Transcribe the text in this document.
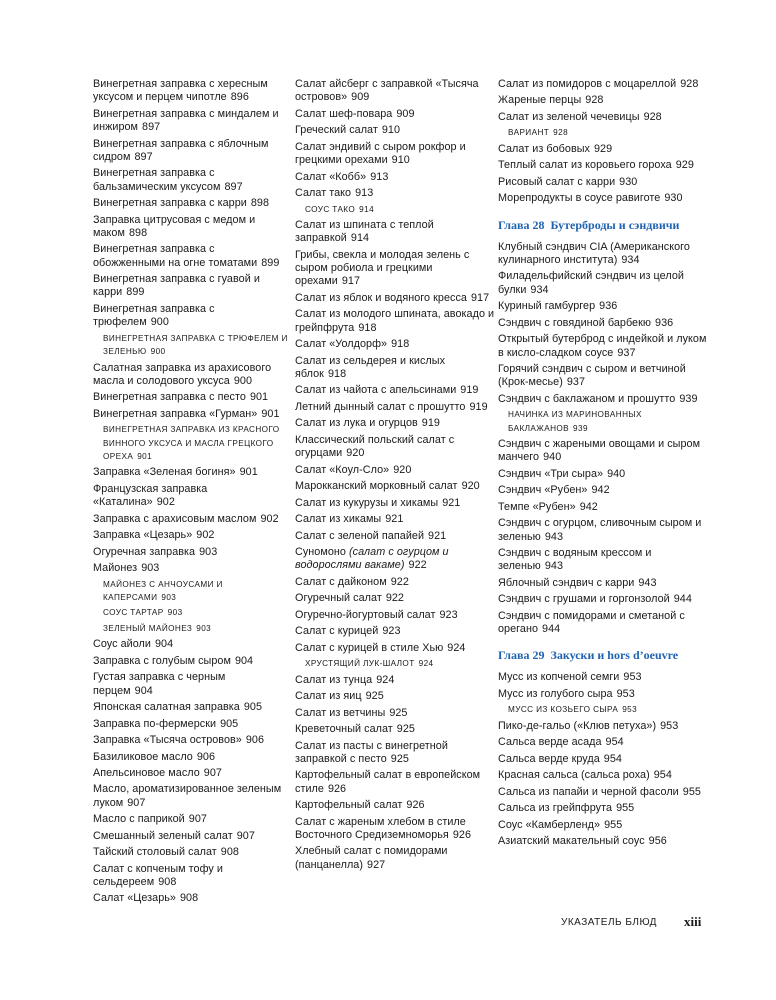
Винегретная заправка с хересным уксусом и перцем чипотле 896
Винегретная заправка с миндалем и инжиром 897
Винегретная заправка с яблочным сидром 897
Винегретная заправка с бальзамическим уксусом 897
Винегретная заправка с карри 898
Заправка цитрусовая с медом и маком 898
Винегретная заправка с обожженными на огне томатами 899
Винегретная заправка с гуавой и карри 899
Винегретная заправка с трюфелем 900
ВИНЕГРЕТНАЯ ЗАПРАВКА С ТРЮФЕЛЕМ И ЗЕЛЕНЬЮ 900
Салатная заправка из арахисового масла и солодового уксуса 900
Винегретная заправка с песто 901
Винегретная заправка «Гурман» 901
ВИНЕГРЕТНАЯ ЗАПРАВКА ИЗ КРАСНОГО ВИННОГО УКСУСА И МАСЛА ГРЕЦКОГО ОРЕХА 901
Заправка «Зеленая богиня» 901
Французская заправка «Каталина» 902
Заправка с арахисовым маслом 902
Заправка «Цезарь» 902
Огуречная заправка 903
Майонез 903
МАЙОНЕЗ С АНЧОУСАМИ И КАПЕРСАМИ 903
СОУС ТАРТАР 903
ЗЕЛЕНЫЙ МАЙОНЕЗ 903
Соус айоли 904
Заправка с голубым сыром 904
Густая заправка с черным перцем 904
Японская салатная заправка 905
Заправка по-фермерски 905
Заправка «Тысяча островов» 906
Базиликовое масло 906
Апельсиновое масло 907
Масло, ароматизированное зеленым луком 907
Масло с паприкой 907
Смешанный зеленый салат 907
Тайский столовый салат 908
Салат с копченым тофу и сельдереем 908
Салат «Цезарь» 908
Салат айсберг с заправкой «Тысяча островов» 909
Салат шеф-повара 909
Греческий салат 910
Салат эндивий с сыром рокфор и грецкими орехами 910
Салат «Кобб» 913
Салат тако 913
СОУС ТАКО 914
Салат из шпината с теплой заправкой 914
Грибы, свекла и молодая зелень с сыром робиола и грецкими орехами 917
Салат из яблок и водяного кресса 917
Салат из молодого шпината, авокадо и грейпфрута 918
Салат «Уолдорф» 918
Салат из сельдерея и кислых яблок 918
Салат из чайота с апельсинами 919
Летний дынный салат с прошутто 919
Салат из лука и огурцов 919
Классический польский салат с огурцами 920
Салат «Коул-Сло» 920
Марокканский морковный салат 920
Салат из кукурузы и хикамы 921
Салат из хикамы 921
Салат с зеленой папайей 921
Суномоно (салат с огурцом и водорослями вакаме) 922
Салат с дайконом 922
Огуречный салат 922
Огуречно-йогуртовый салат 923
Салат с курицей 923
Салат с курицей в стиле Хью 924
ХРУСТЯЩИЙ ЛУК-ШАЛОТ 924
Салат из тунца 924
Салат из яиц 925
Салат из ветчины 925
Креветочный салат 925
Салат из пасты с винегретной заправкой с песто 925
Картофельный салат в европейском стиле 926
Картофельный салат 926
Салат с жареным хлебом в стиле Восточного Средиземноморья 926
Хлебный салат с помидорами (панцанелла) 927
Салат из помидоров с моцареллой 928
Жареные перцы 928
Салат из зеленой чечевицы 928
ВАРИАНТ 928
Салат из бобовых 929
Теплый салат из коровьего гороха 929
Рисовый салат с карри 930
Морепродукты в соусе равиготе 930
Глава 28 Бутерброды и сэндвичи
Клубный сэндвич CIA (Американского кулинарного института) 934
Филадельфийский сэндвич из целой булки 934
Куриный гамбургер 936
Сэндвич с говядиной барбекю 936
Открытый бутерброд с индейкой и луком в кисло-сладком соусе 937
Горячий сэндвич с сыром и ветчиной (Крок-месье) 937
Сэндвич с баклажаном и прошутто 939
НАЧИНКА ИЗ МАРИНОВАННЫХ БАКЛАЖАНОВ 939
Сэндвич с жареными овощами и сыром манчего 940
Сэндвич «Три сыра» 940
Сэндвич «Рубен» 942
Темпе «Рубен» 942
Сэндвич с огурцом, сливочным сыром и зеленью 943
Сэндвич с водяным крессом и зеленью 943
Яблочный сэндвич с карри 943
Сэндвич с грушами и горгонзолой 944
Сэндвич с помидорами и сметаной с орегано 944
Глава 29 Закуски и hors d’oeuvre
Мусс из копченой семги 953
Мусс из голубого сыра 953
МУСС ИЗ КОЗЬЕГО СЫРА 953
Пико-де-гальо («Клюв петуха») 953
Сальса верде асада 954
Сальса верде круда 954
Красная сальса (сальса роха) 954
Сальса из папайи и черной фасоли 955
Сальса из грейпфрута 955
Соус «Камберленд» 955
Азиатский макательный соус 956
УКАЗАТЕЛЬ БЛЮД xiii
